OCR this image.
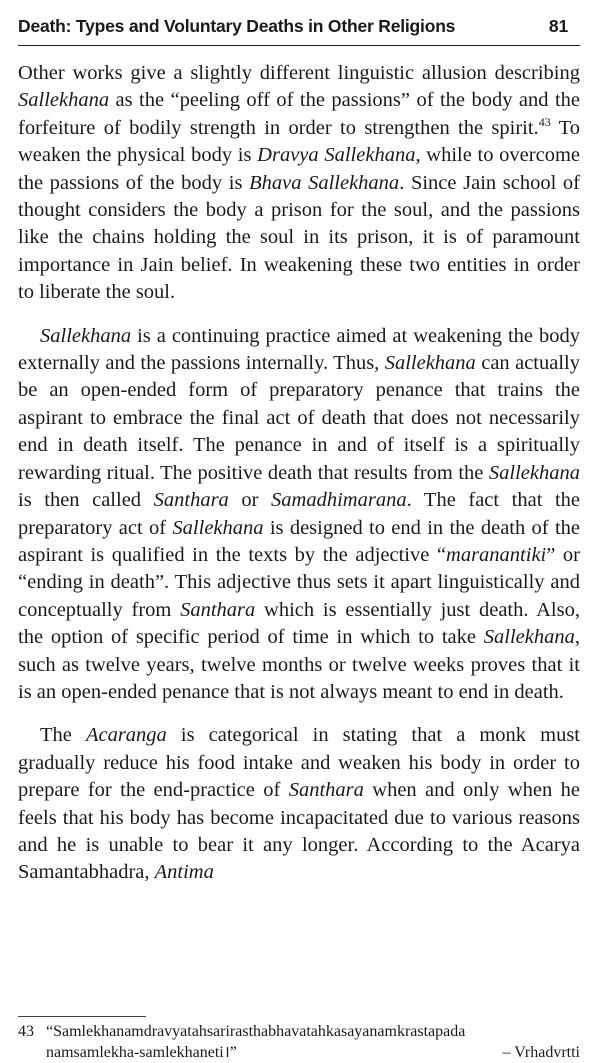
Death: Types and Voluntary Deaths in Other Religions	81

Other works give a slightly different linguistic allusion describing Sallekhana as the “peeling off of the passions” of the body and the forfeiture of bodily strength in order to strengthen the spirit.$^{43}$ To weaken the physical body is Dravya Sallekhana, while to overcome the passions of the body is Bhava Sallekhana. Since Jain school of thought considers the body a prison for the soul, and the passions like the chains holding the soul in its prison, it is of paramount importance in Jain belief. In weakening these two entities in order to liberate the soul.

Sallekhana is a continuing practice aimed at weakening the body externally and the passions internally. Thus, Sallekhana can actually be an open-ended form of preparatory penance that trains the aspirant to embrace the final act of death that does not necessarily end in death itself. The penance in and of itself is a spiritually rewarding ritual. The positive death that results from the Sallekhana is then called Santhara or Samadhimarana. The fact that the preparatory act of Sallekhana is designed to end in the death of the aspirant is qualified in the texts by the adjective “maranantiki” or “ending in death”. This adjective thus sets it apart linguistically and conceptually from Santhara which is essentially just death. Also, the option of specific period of time in which to take Sallekhana, such as twelve years, twelve months or twelve weeks proves that it is an open-ended penance that is not always meant to end in death.

The Acaranga is categorical in stating that a monk must gradually reduce his food intake and weaken his body in order to prepare for the end-practice of Santhara when and only when he feels that his body has become incapacitated due to various reasons and he is unable to bear it any longer. According to the Acarya Samantabhadra, Antima

43 “Samlekhanamdravyatahsarirasthabhavatahkasayanamkrastapada
namsamlekha-samlekhaneti।”	– Vrhadvrtti
